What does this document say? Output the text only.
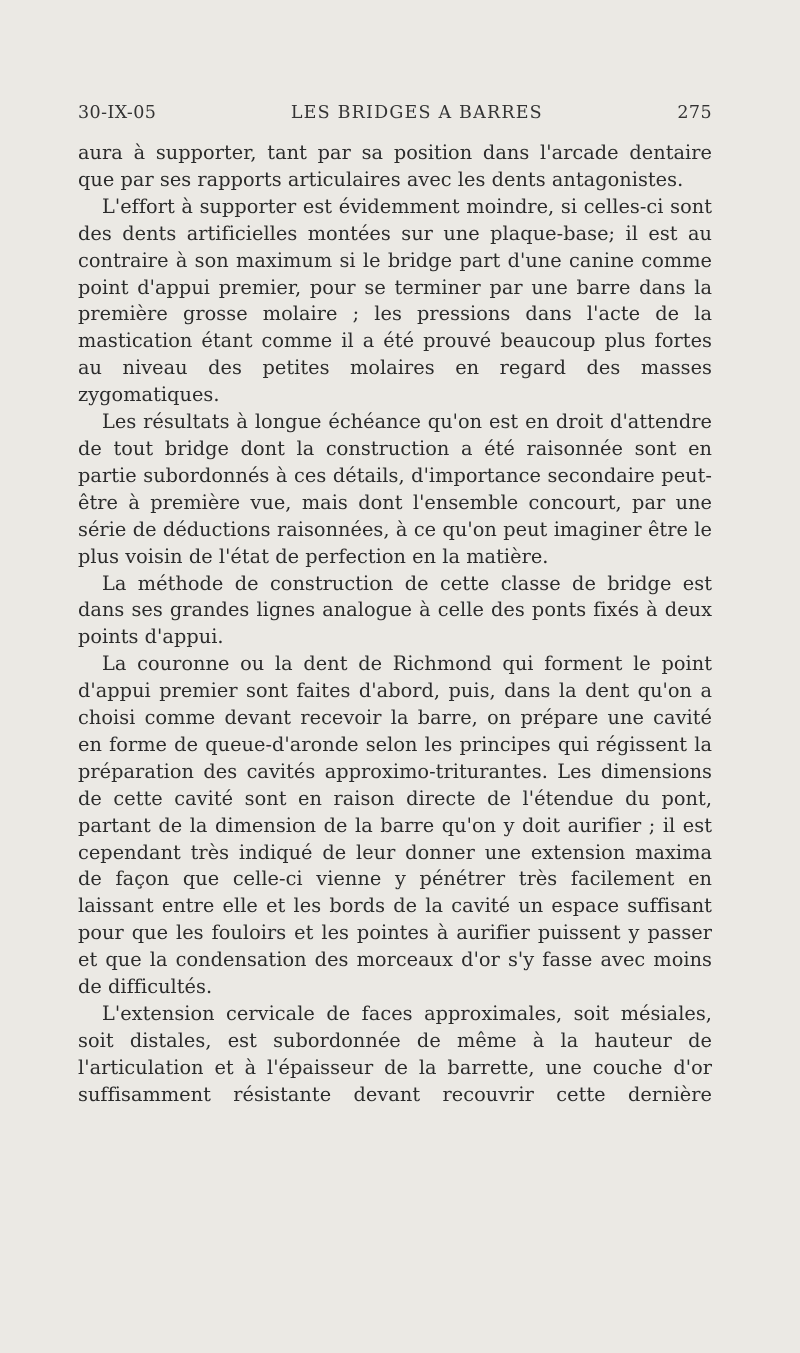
30-IX-05	LES BRIDGES A BARRES	275

aura à supporter, tant par sa position dans l'arcade dentaire que par ses rapports articulaires avec les dents antagonistes.

L'effort à supporter est évidemment moindre, si celles-ci sont des dents artificielles montées sur une plaque-base; il est au contraire à son maximum si le bridge part d'une canine comme point d'appui premier, pour se terminer par une barre dans la première grosse molaire ; les pressions dans l'acte de la mastication étant comme il a été prouvé beaucoup plus fortes au niveau des petites molaires en regard des masses zygomatiques.

Les résultats à longue échéance qu'on est en droit d'attendre de tout bridge dont la construction a été raisonnée sont en partie subordonnés à ces détails, d'importance secondaire peut-être à première vue, mais dont l'ensemble concourt, par une série de déductions raisonnées, à ce qu'on peut imaginer être le plus voisin de l'état de perfection en la matière.

La méthode de construction de cette classe de bridge est dans ses grandes lignes analogue à celle des ponts fixés à deux points d'appui.

La couronne ou la dent de Richmond qui forment le point d'appui premier sont faites d'abord, puis, dans la dent qu'on a choisi comme devant recevoir la barre, on prépare une cavité en forme de queue-d'aronde selon les principes qui régissent la préparation des cavités approximo-triturantes. Les dimensions de cette cavité sont en raison directe de l'étendue du pont, partant de la dimension de la barre qu'on y doit aurifier ; il est cependant très indiqué de leur donner une extension maxima de façon que celle-ci vienne y pénétrer très facilement en laissant entre elle et les bords de la cavité un espace suffisant pour que les fouloirs et les pointes à aurifier puissent y passer et que la condensation des morceaux d'or s'y fasse avec moins de difficultés.

L'extension cervicale de faces approximales, soit mésiales, soit distales, est subordonnée de même à la hauteur de l'articulation et à l'épaisseur de la barrette, une couche d'or suffisamment résistante devant recouvrir cette dernière
